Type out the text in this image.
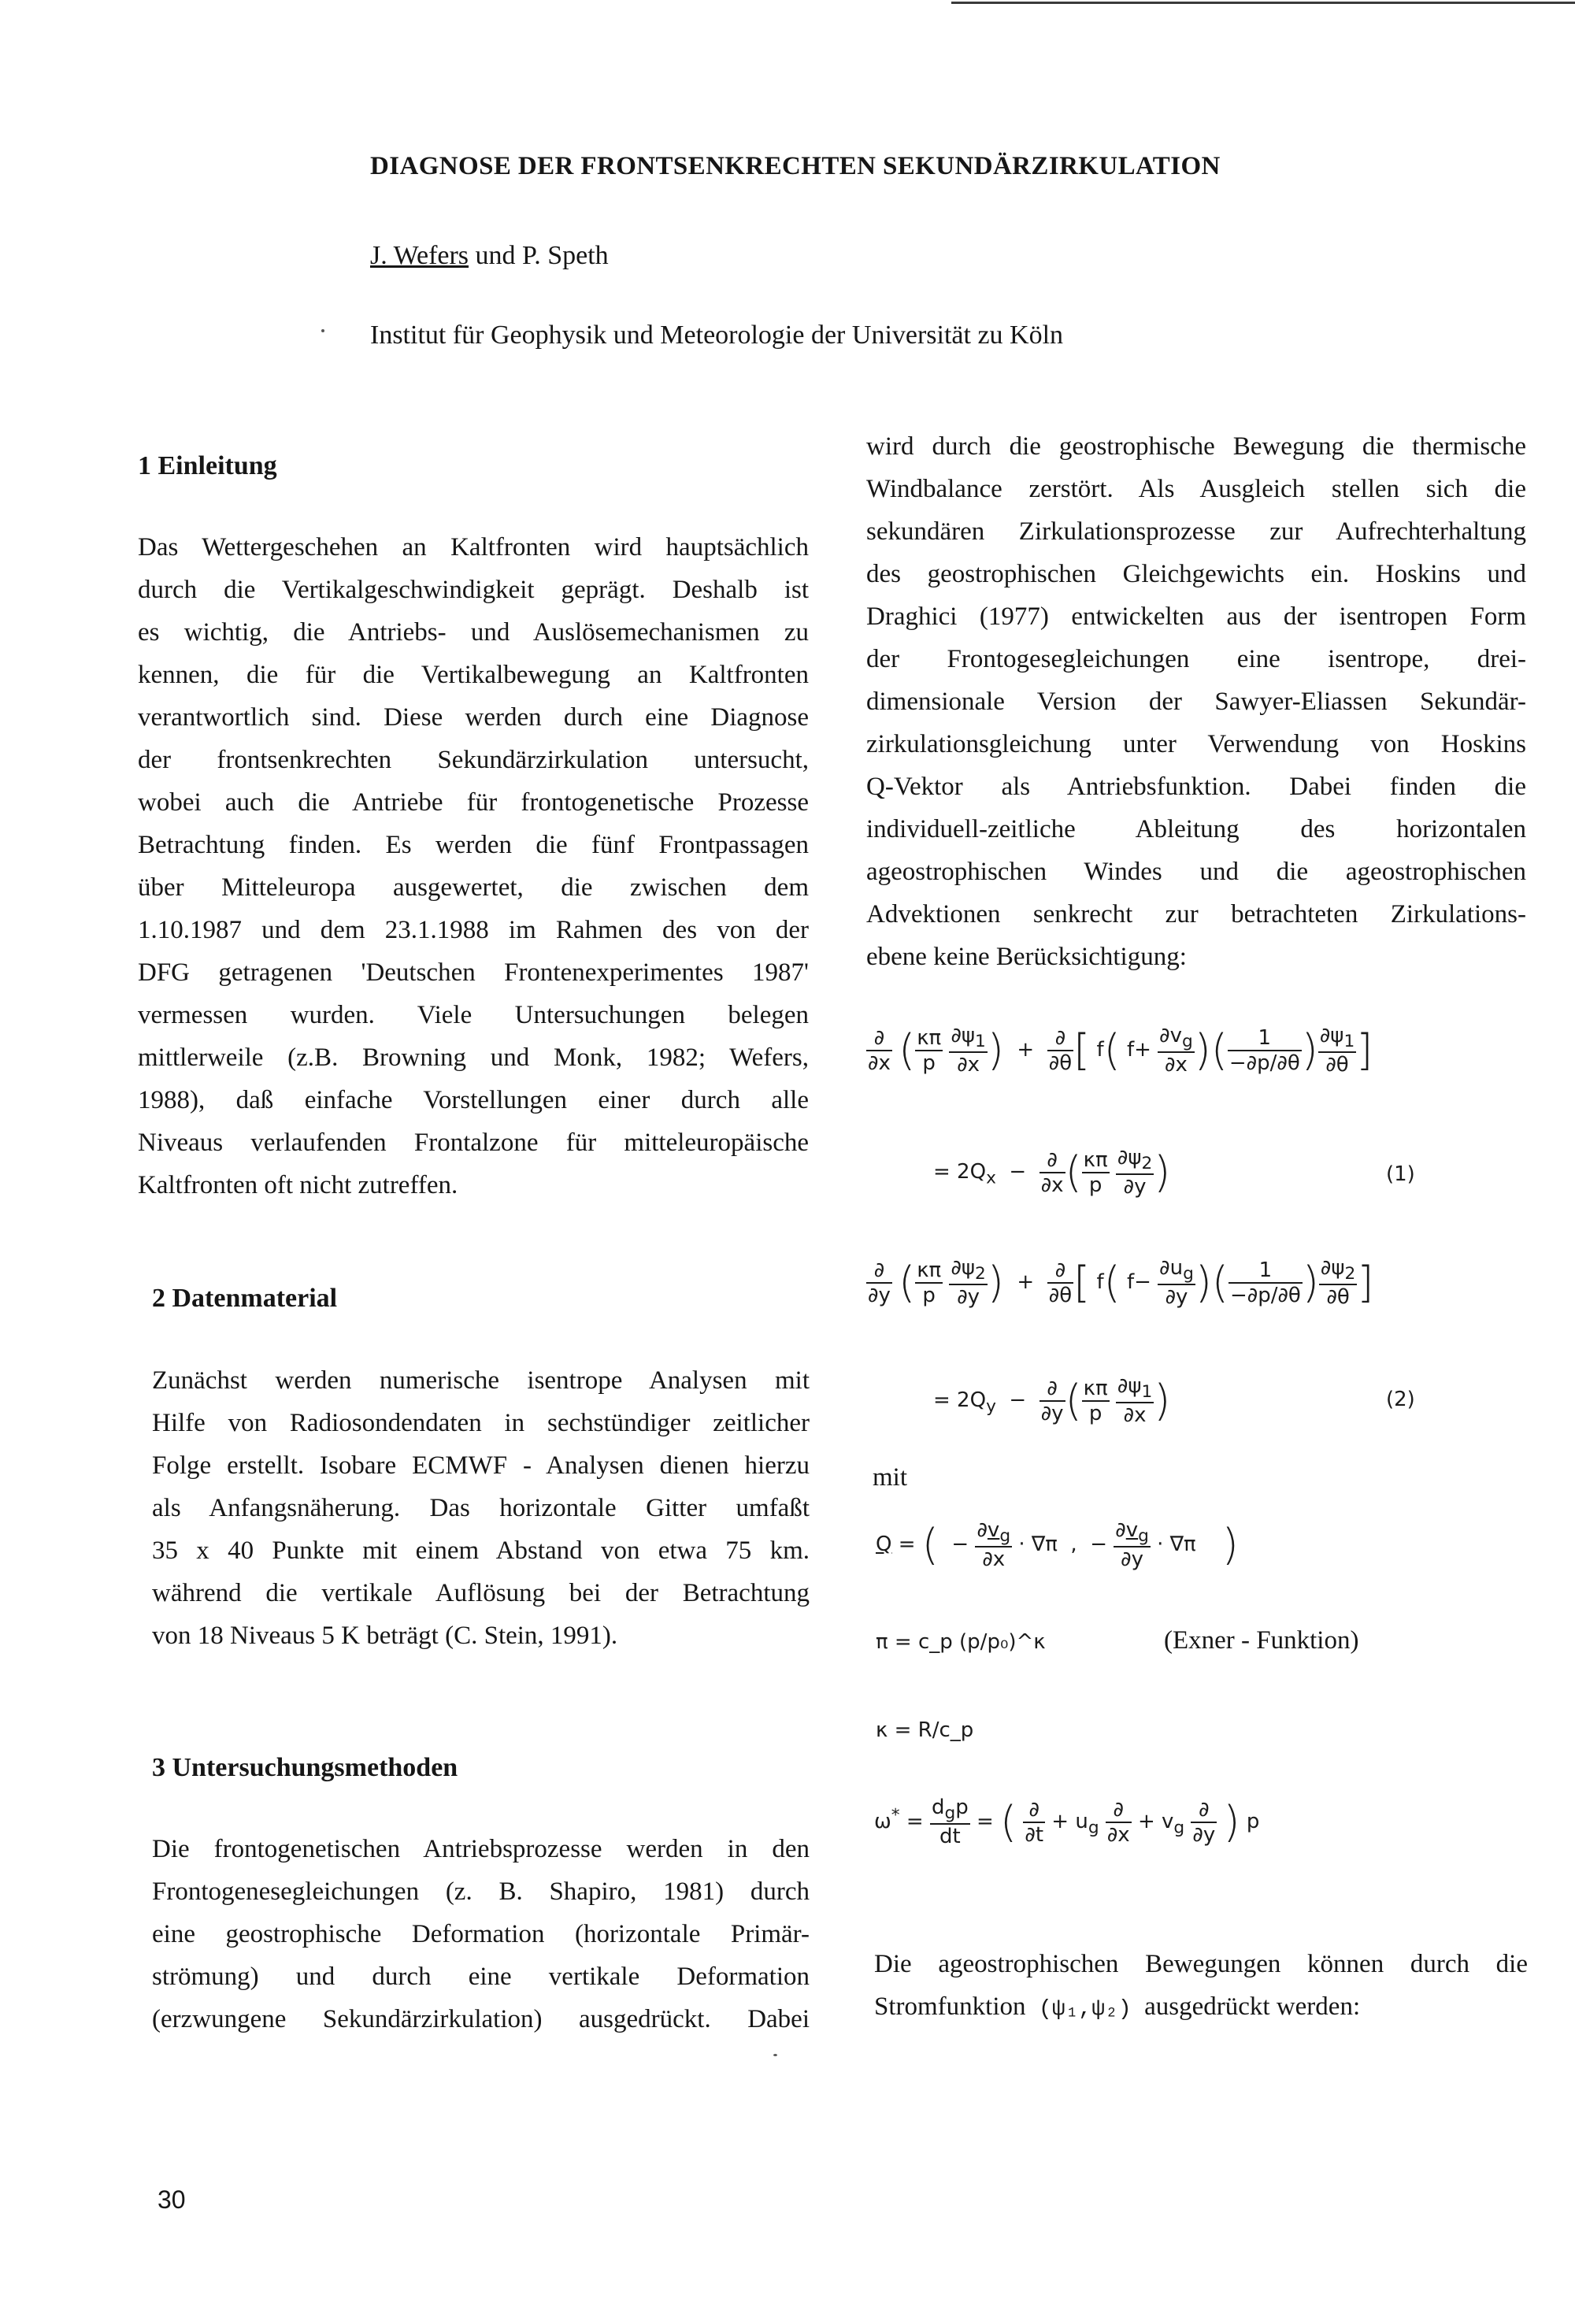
DIAGNOSE DER FRONTSENKRECHTEN SEKUNDÄRZIRKULATION
J. Wefers und P. Speth
Institut für Geophysik und Meteorologie der Universität zu Köln
1 Einleitung
Das Wettergeschehen an Kaltfronten wird hauptsächlich
durch die Vertikalgeschwindigkeit geprägt. Deshalb ist
es wichtig, die Antriebs- und Auslösemechanismen zu
kennen, die für die Vertikalbewegung an Kaltfronten
verantwortlich sind. Diese werden durch eine Diagnose
der frontsenkrechten Sekundärzirkulation untersucht,
wobei auch die Antriebe für frontogenetische Prozesse
Betrachtung finden. Es werden die fünf Frontpassagen
über Mitteleuropa ausgewertet, die zwischen dem
1.10.1987 und dem 23.1.1988 im Rahmen des von der
DFG getragenen 'Deutschen Frontenexperimentes 1987'
vermessen wurden. Viele Untersuchungen belegen
mittlerweile (z.B. Browning und Monk, 1982; Wefers,
1988), daß einfache Vorstellungen einer durch alle
Niveaus verlaufenden Frontalzone für mitteleuropäische
Kaltfronten oft nicht zutreffen.
2 Datenmaterial
Zunächst werden numerische isentrope Analysen mit
Hilfe von Radiosondendaten in sechstündiger zeitlicher
Folge erstellt. Isobare ECMWF - Analysen dienen hierzu
als Anfangsnäherung. Das horizontale Gitter umfaßt
35 x 40 Punkte mit einem Abstand von etwa 75 km.
während die vertikale Auflösung bei der Betrachtung
von 18 Niveaus 5 K beträgt (C. Stein, 1991).
3 Untersuchungsmethoden
Die frontogenetischen Antriebsprozesse werden in den
Frontogenesegleichungen (z. B. Shapiro, 1981) durch
eine geostrophische Deformation (horizontale Primär-
strömung) und durch eine vertikale Deformation
(erzwungene Sekundärzirkulation) ausgedrückt. Dabei
wird durch die geostrophische Bewegung die thermische
Windbalance zerstört. Als Ausgleich stellen sich die
sekundären Zirkulationsprozesse zur Aufrechterhaltung
des geostrophischen Gleichgewichts ein. Hoskins und
Draghici (1977) entwickelten aus der isentropen Form
der Frontogesegleichungen eine isentrope, drei-
dimensionale Version der Sawyer-Eliassen Sekundär-
zirkulationsgleichung unter Verwendung von Hoskins
Q-Vektor als Antriebsfunktion. Dabei finden die
individuell-zeitliche Ableitung des horizontalen
ageostrophischen Windes und die ageostrophischen
Advektionen senkrecht zur betrachteten Zirkulations-
ebene keine Berücksichtigung:
$\frac{\partial}{\partial x}$ ( $\frac{\kappa\pi}{p}$
$\frac{\partial\psi_1}{\partial x}$ )  + $\frac{\partial}{\partial\theta}$ [ f( $f+ \frac{\partial v_g}{\partial x}$ )( $\frac{1}{-\partial p/\partial\theta}$ ) $\frac{\partial\psi_1}{\partial\theta}$ ]
= $2Q_x - \frac{\partial}{\partial x}$ ( $\frac{\kappa\pi}{p}$
$\frac{\partial\psi_2}{\partial y}$ )	(1)
$\frac{\partial}{\partial y}$ ( $\frac{\kappa\pi}{p}$
$\frac{\partial\psi_2}{\partial y}$ )  + $\frac{\partial}{\partial\theta}$ [ f( $f- \frac{\partial u_g}{\partial y}$ )( $\frac{1}{-\partial p/\partial\theta}$ ) $\frac{\partial\psi_2}{\partial\theta}$ ]
= $2Q_y - \frac{\partial}{\partial y}$ ( $\frac{\kappa\pi}{p}$
$\frac{\partial\psi_1}{\partial x}$ )	(2)
mit
Q = (  − $\frac{\partial v_g}{\partial x} \cdot \nabla\pi$  ,  − $\frac{\partial v_g}{\partial y} \cdot \nabla\pi$    )
π = c_p (p/p₀)^κ	(Exner - Funktion)
κ = R/c_p
$\omega^* = \frac{d_gp}{dt}$ = ( $\frac{\partial}{\partial t} + u_g \frac{\partial}{\partial x} + v_g \frac{\partial}{\partial y}$ ) p
Die ageostrophischen Bewegungen können durch die
Stromfunktion (ψ₁,ψ₂) ausgedrückt werden:
30
